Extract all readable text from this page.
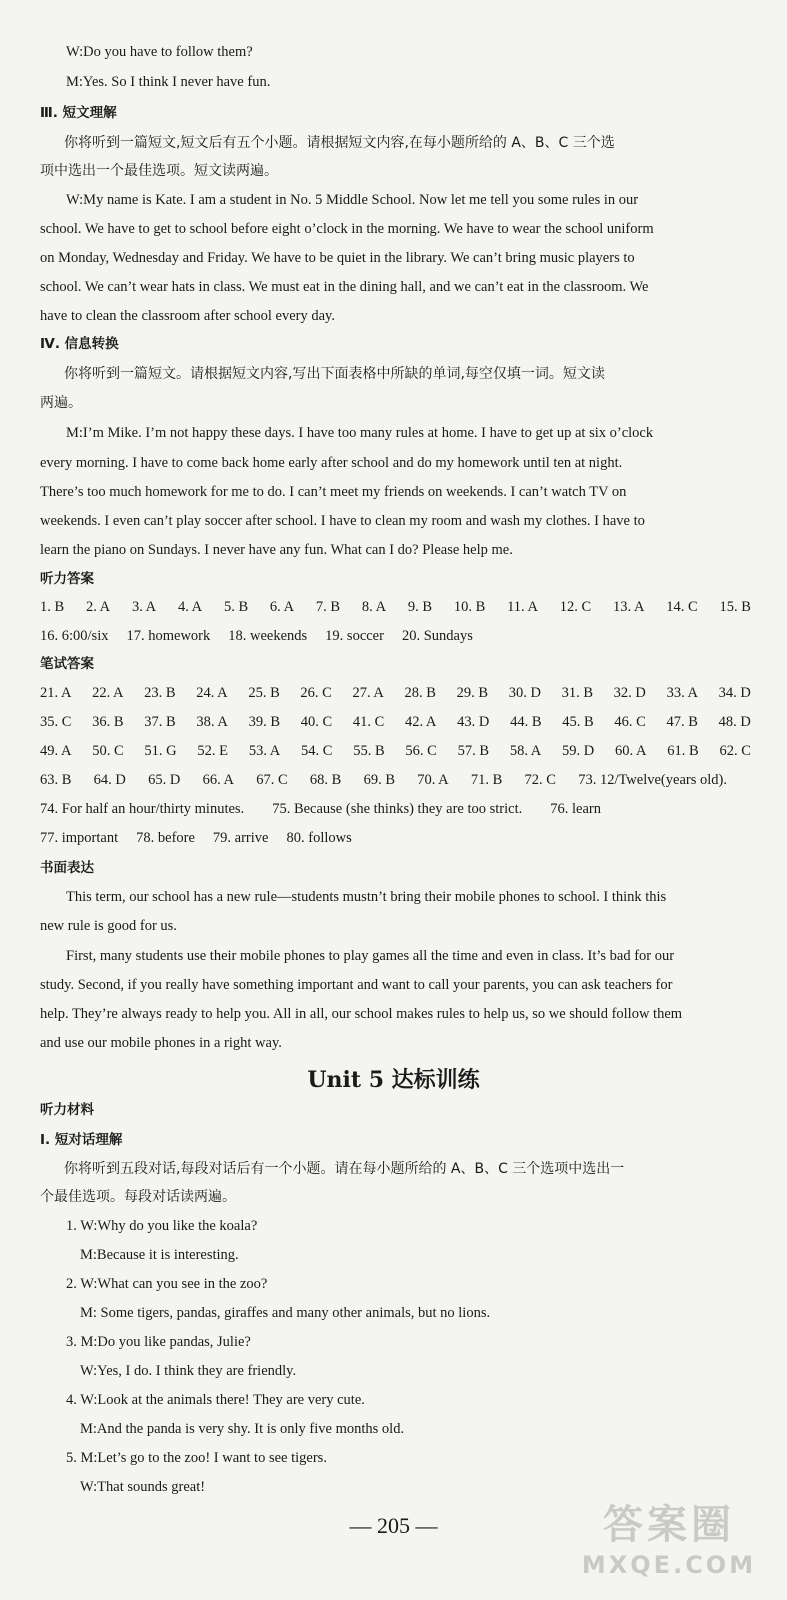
W:Do you have to follow them?
M:Yes. So I think I never have fun.
Ⅲ. 短文理解
你将听到一篇短文,短文后有五个小题。请根据短文内容,在每小题所给的 A、B、C 三个选
项中选出一个最佳选项。短文读两遍。
W:My name is Kate. I am a student in No. 5 Middle School. Now let me tell you some rules in our
school. We have to get to school before eight o’clock in the morning. We have to wear the school uniform
on Monday, Wednesday and Friday. We have to be quiet in the library. We can’t bring music players to
school. We can’t wear hats in class. We must eat in the dining hall, and we can’t eat in the classroom. We
have to clean the classroom after school every day.
Ⅳ. 信息转换
你将听到一篇短文。请根据短文内容,写出下面表格中所缺的单词,每空仅填一词。短文读
两遍。
M:I’m Mike. I’m not happy these days. I have too many rules at home. I have to get up at six o’clock
every morning. I have to come back home early after school and do my homework until ten at night.
There’s too much homework for me to do. I can’t meet my friends on weekends. I can’t watch TV on
weekends. I even can’t play soccer after school. I have to clean my room and wash my clothes. I have to
learn the piano on Sundays. I never have any fun. What can I do? Please help me.
听力答案
1. B 2. A 3. A 4. A 5. B 6. A 7. B 8. A 9. B 10. B 11. A 12. C 13. A 14. C 15. B
16. 6:00/six 17. homework 18. weekends 19. soccer 20. Sundays
笔试答案
21. A 22. A 23. B 24. A 25. B 26. C 27. A 28. B 29. B 30. D 31. B 32. D 33. A 34. D
35. C 36. B 37. B 38. A 39. B 40. C 41. C 42. A 43. D 44. B 45. B 46. C 47. B 48. D
49. A 50. C 51. G 52. E 53. A 54. C 55. B 56. C 57. B 58. A 59. D 60. A 61. B 62. C
63. B 64. D 65. D 66. A 67. C 68. B 69. B 70. A 71. B 72. C 73. 12/Twelve(years old).
74. For half an hour/thirty minutes. 75. Because (she thinks) they are too strict. 76. learn
77. important 78. before 79. arrive 80. follows
书面表达
This term, our school has a new rule—students mustn’t bring their mobile phones to school. I think this
new rule is good for us.
First, many students use their mobile phones to play games all the time and even in class. It’s bad for our
study. Second, if you really have something important and want to call your parents, you can ask teachers for
help. They’re always ready to help you. All in all, our school makes rules to help us, so we should follow them
and use our mobile phones in a right way.
Unit 5 达标训练
听力材料
Ⅰ. 短对话理解
你将听到五段对话,每段对话后有一个小题。请在每小题所给的 A、B、C 三个选项中选出一
个最佳选项。每段对话读两遍。
1. W:Why do you like the koala?
M:Because it is interesting.
2. W:What can you see in the zoo?
M: Some tigers, pandas, giraffes and many other animals, but no lions.
3. M:Do you like pandas, Julie?
W:Yes, I do. I think they are friendly.
4. W:Look at the animals there! They are very cute.
M:And the panda is very shy. It is only five months old.
5. M:Let’s go to the zoo! I want to see tigers.
W:That sounds great!
— 205 —	答案圈
MXQE.COM
